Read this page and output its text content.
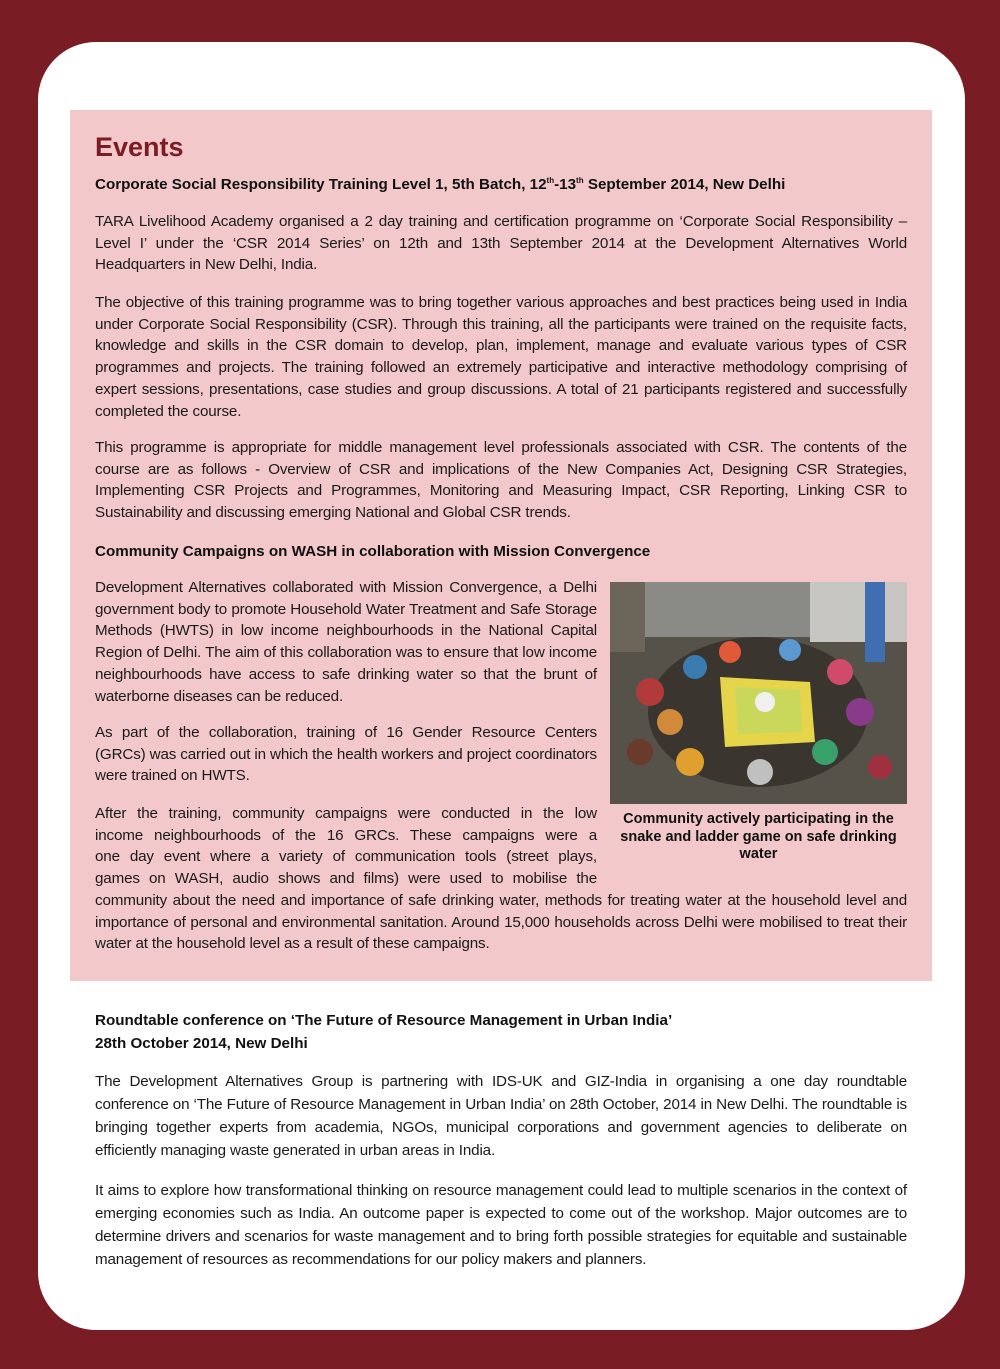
Events
Corporate Social Responsibility Training Level 1, 5th Batch, 12th-13th September 2014, New Delhi

TARA Livelihood Academy organised a 2 day training and certification programme on ‘Corporate Social Responsibility – Level I’ under the ‘CSR 2014 Series’ on 12th and 13th September 2014 at the Development Alternatives World Headquarters in New Delhi, India.

The objective of this training programme was to bring together various approaches and best practices being used in India under Corporate Social Responsibility (CSR). Through this training, all the participants were trained on the requisite facts, knowledge and skills in the CSR domain to develop, plan, implement, manage and evaluate various types of CSR programmes and projects. The training followed an extremely participative and interactive methodology comprising of expert sessions, presentations, case studies and group discussions. A total of 21 participants registered and successfully completed the course.

This programme is appropriate for middle management level professionals associated with CSR. The contents of the course are as follows - Overview of CSR and implications of the New Companies Act, Designing CSR Strategies, Implementing CSR Projects and Programmes, Monitoring and Measuring Impact, CSR Reporting, Linking CSR to Sustainability and discussing emerging National and Global CSR trends.

Community Campaigns on WASH in collaboration with Mission Convergence

Development Alternatives collaborated with Mission Convergence, a Delhi government body to promote Household Water Treatment and Safe Storage Methods (HWTS) in low income neighbourhoods in the National Capital Region of Delhi. The aim of this collaboration was to ensure that low income neighbourhoods have access to safe drinking water so that the brunt of waterborne diseases can be reduced.

As part of the collaboration, training of 16 Gender Resource Centers (GRCs) was carried out in which the health workers and project coordinators were trained on HWTS.

After the training, community campaigns were conducted in the low

income neighbourhoods of the 16 GRCs. These campaigns were a

one day event where a variety of communication tools (street plays,

games on WASH, audio shows and films) were used to mobilise the

community about the need and importance of safe drinking water, methods for treating water at the household level and importance of personal and environmental sanitation. Around 15,000 households across Delhi were mobilised to treat their water at the household level as a result of these campaigns.

Community actively participating in the snake and ladder game on safe drinking water
Roundtable conference on ‘The Future of Resource Management in Urban India’
28th October 2014, New Delhi

The Development Alternatives Group is partnering with IDS-UK and GIZ-India in organising a one day roundtable conference on ‘The Future of Resource Management in Urban India’ on 28th October, 2014 in New Delhi. The roundtable is bringing together experts from academia, NGOs, municipal corporations and government agencies to deliberate on efficiently managing waste generated in urban areas in India.

It aims to explore how transformational thinking on resource management could lead to multiple scenarios in the context of emerging economies such as India. An outcome paper is expected to come out of the workshop. Major outcomes are to determine drivers and scenarios for waste management and to bring forth possible strategies for equitable and sustainable management of resources as recommendations for our policy makers and planners.
